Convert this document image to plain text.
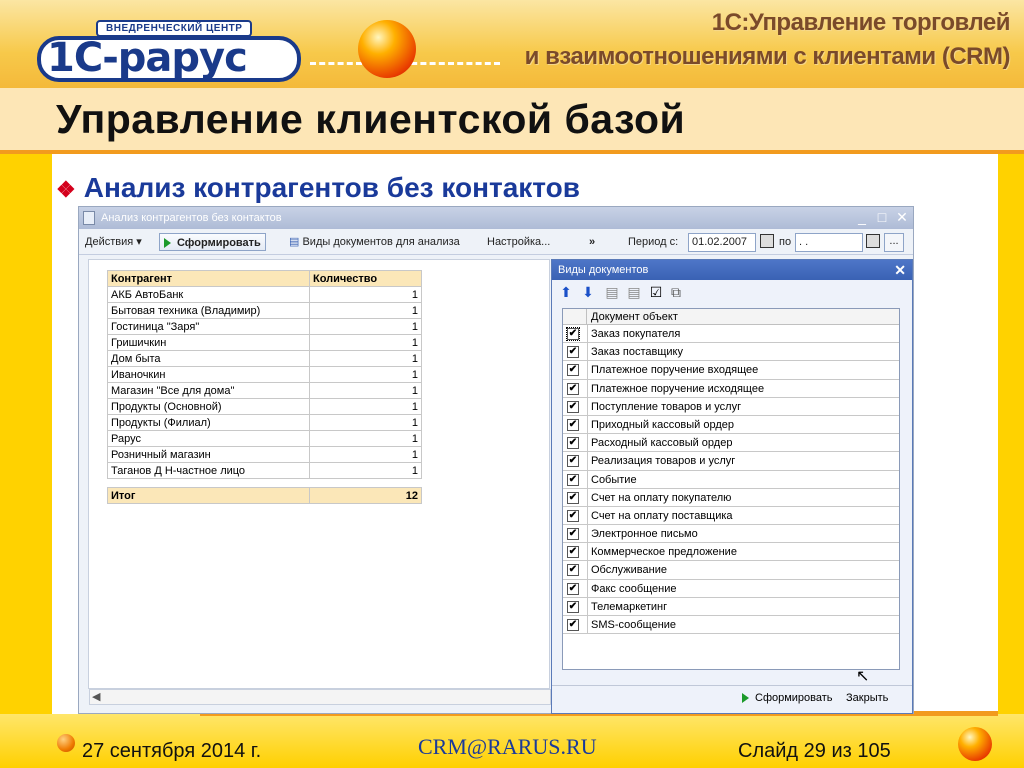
ВНЕДРЕНЧЕСКИЙ ЦЕНТР
1С-рарус
1С:Управление торговлей
и взаимоотношениями с клиентами (CRM)
Управление клиентской базой
❖ Анализ контрагентов без контактов
Анализ контрагентов без контактов	_ □ ✕
Действия ▾	Сформировать	▤ Виды документов для анализа Настройка...	»	Период с:	01.02.2007	по . .	...
Контрагент	Количество
АКБ АвтоБанк	1
Бытовая техника (Владимир)	1
Гостиница "Заря"	1
Гришичкин	1
Дом быта	1
Иваночкин	1
Магазин "Все для дома"	1
Продукты (Основной)	1
Продукты (Филиал)	1
Рарус	1
Розничный магазин	1
Таганов Д Н-частное лицо	1

Итог	12
◀
Виды документов	✕
⬆ ⬇ ▤ ▤ ☑ ⧉
Документ объект
✔ Заказ покупателя
✔ Заказ поставщику
✔ Платежное поручение входящее
✔ Платежное поручение исходящее
✔ Поступление товаров и услуг
✔ Приходный кассовый ордер
✔ Расходный кассовый ордер
✔ Реализация товаров и услуг
✔ Событие
✔ Счет на оплату покупателю
✔ Счет на оплату поставщика
✔ Электронное письмо
✔ Коммерческое предложение
✔ Обслуживание
✔ Факс сообщение
✔ Телемаркетинг
✔ SMS-сообщение
Сформировать Закрыть
↖
27 сентября 2014 г.	CRM@RARUS.RU	Слайд 29 из 105
